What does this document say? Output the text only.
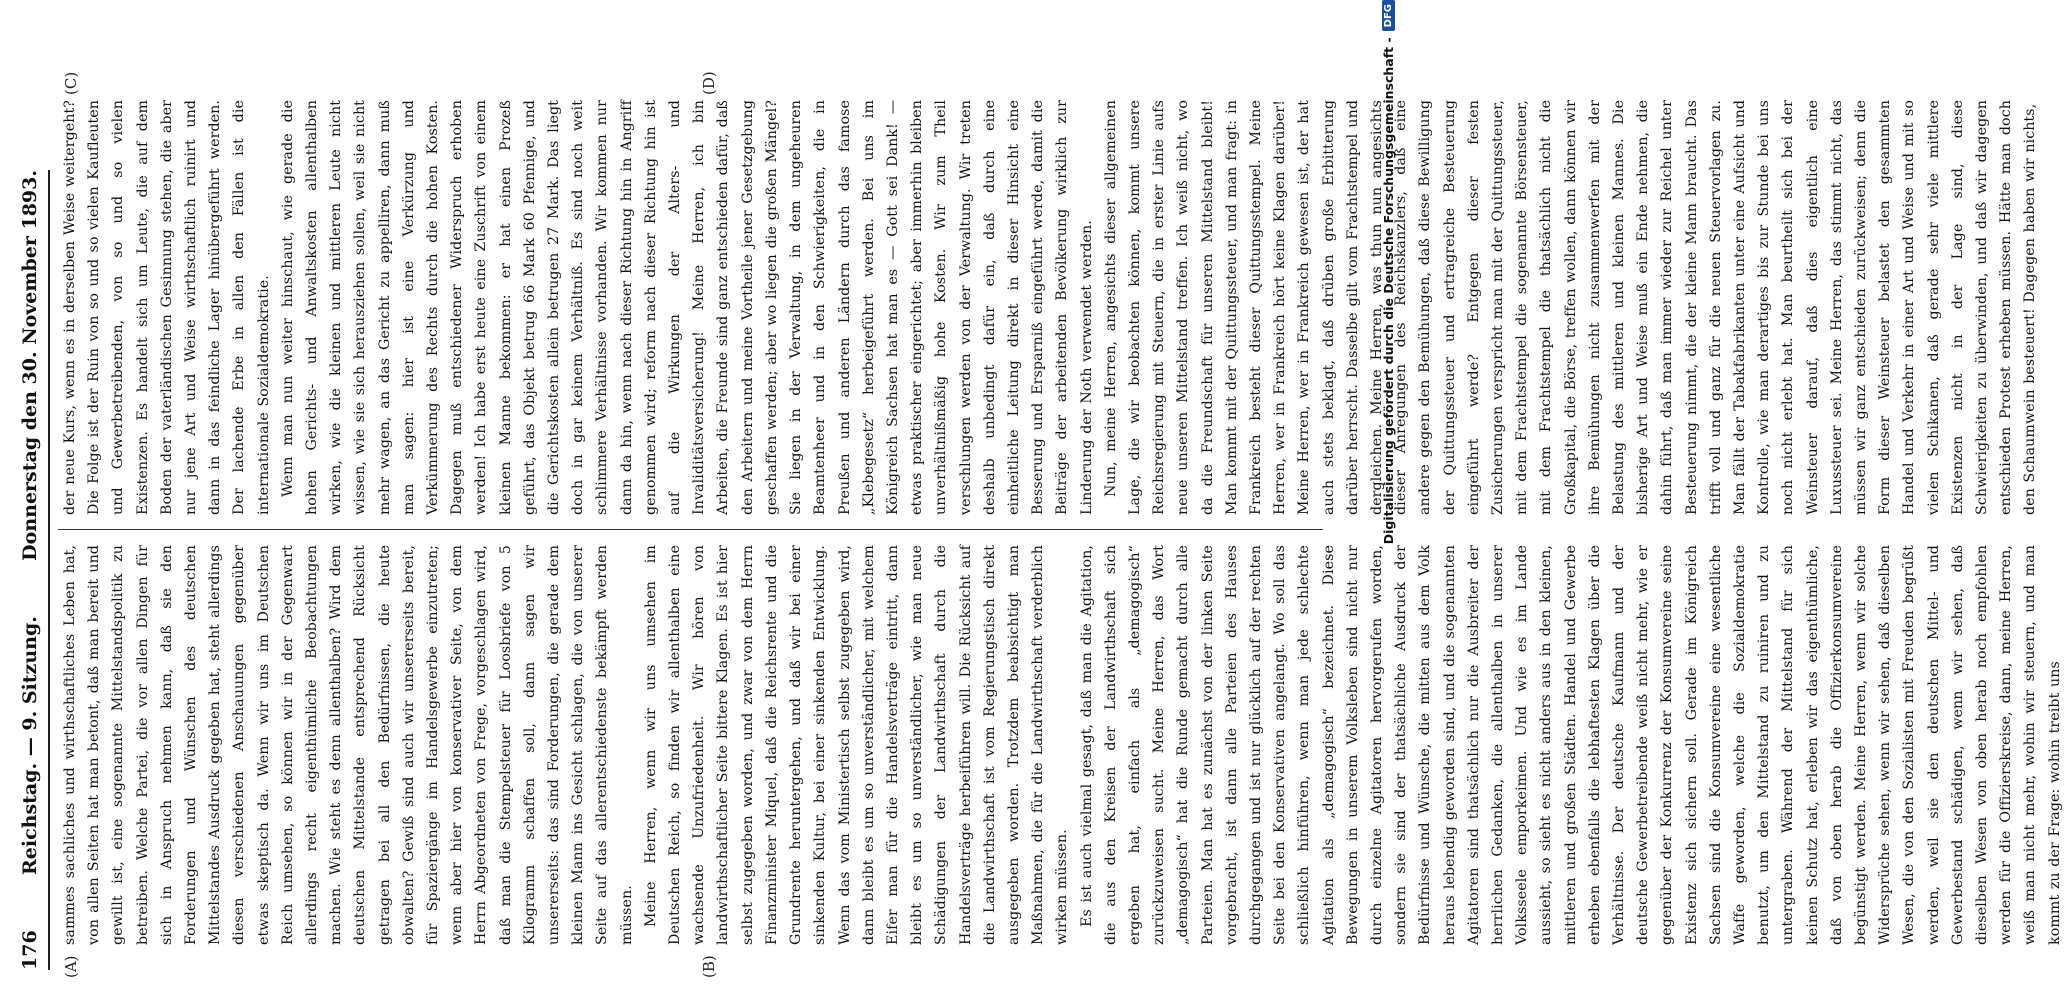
176
Reichstag. — 9. Sitzung.
Donnerstag den 30. November 1893.
(A)	(B)
(C)	(D)

sammes sachliches und wirthschaftliches Leben hat, von allen Seiten hat man betont, daß man bereit und gewillt ist, eine sogenannte Mittelstandspolitik zu betreiben. Welche Partei, die vor allen Dingen für sich in Anspruch nehmen kann, daß sie den Forderungen und Wünschen des deutschen Mittelstandes Ausdruck gegeben hat, steht allerdings diesen verschiedenen Anschauungen gegenüber etwas skeptisch da. Wenn wir uns im Deutschen Reich umsehen, so können wir in der Gegenwart allerdings recht eigenthümliche Beobachtungen machen. Wie steht es denn allenthalben? Wird dem deutschen Mittelstande entsprechend Rücksicht getragen bei all den Bedürfnissen, die heute obwalten? Gewiß sind auch wir unsererseits bereit, für Spaziergänge im Handelsgewerbe einzutreten; wenn aber hier von konservativer Seite, von dem Herrn Abgeordneten von Frege, vorgeschlagen wird, daß man die Stempelsteuer für Loosbriefe von 5 Kilogramm schaffen soll, dann sagen wir unsererseits: das sind Forderungen, die gerade dem kleinen Mann ins Gesicht schlagen, die von unserer Seite auf das allerentschiedenste bekämpft werden müssen. Meine Herren, wenn wir uns umsehen im Deutschen Reich, so finden wir allenthalben eine wachsende Unzufriedenheit. Wir hören von landwirthschaftlicher Seite bittere Klagen. Es ist hier selbst zugegeben worden, und zwar von dem Herrn Finanzminister Miquel, daß die Reichsrente und die Grundrente heruntergehen, und daß wir bei einer sinkenden Kultur, bei einer sinkenden Entwicklung. Wenn das vom Ministertisch selbst zugegeben wird, dann bleibt es um so unverständlicher, mit welchem Eifer man für die Handelsverträge eintritt, dann bleibt es um so unverständlicher, wie man neue Schädigungen der Landwirthschaft durch die Handelsverträge herbeiführen will. Die Rücksicht auf die Landwirthschaft ist vom Regierungstisch direkt ausgegeben worden. Trotzdem beabsichtigt man Maßnahmen, die für die Landwirthschaft verderblich wirken müssen. Es ist auch vielmal gesagt, daß man die Agitation, die aus den Kreisen der Landwirthschaft sich ergeben hat, einfach als „demagogisch“ zurückzuweisen sucht. Meine Herren, das Wort „demagogisch“ hat die Runde gemacht durch alle Parteien. Man hat es zunächst von der linken Seite vorgebracht, ist dann alle Parteien des Hauses durchgegangen und ist nur glücklich auf der rechten Seite bei den Konservativen angelangt. Wo soll das schließlich hinführen, wenn man jede schlechte Agitation als „demagogisch“ bezeichnet. Diese Bewegungen in unserem Volksleben sind nicht nur durch einzelne Agitatoren hervorgerufen worden, sondern sie sind der thatsächliche Ausdruck der Bedürfnisse und Wünsche, die mitten aus dem Volk heraus lebendig geworden sind, und die sogenannten Agitatoren sind thatsächlich nur die Ausbreiter der herrlichen Gedanken, die allenthalben in unserer Volksseele emporkeimen. Und wie es im Lande aussieht, so sieht es nicht anders aus in den kleinen, mittleren und großen Städten. Handel und Gewerbe erheben ebenfalls die lebhaftesten Klagen über die Verhältnisse. Der deutsche Kaufmann und der deutsche Gewerbetreibende weiß nicht mehr, wie er gegenüber der Konkurrenz der Konsumvereine seine Existenz sich sichern soll. Gerade im Königreich Sachsen sind die Konsumvereine eine wesentliche Waffe geworden, welche die Sozialdemokratie benutzt, um den Mittelstand zu ruiniren und zu untergraben. Während der Mittelstand für sich keinen Schutz hat, erleben wir das eigenthümliche, daß von oben herab die Offizierkonsumvereine begünstigt werden. Meine Herren, wenn wir solche Widersprüche sehen, wenn wir sehen, daß dieselben Wesen, die von den Sozialisten mit Freuden begrüßt werden, weil sie den deutschen Mittel- und Gewerbestand schädigen, wenn wir sehen, daß dieselben Wesen von oben herab noch empfohlen werden für die Offizierskreise, dann, meine Herren, weiß man nicht mehr, wohin wir steuern, und man kommt zu der Frage: wohin treibt uns

der neue Kurs, wenn es in derselben Weise weitergeht? Die Folge ist der Ruin von so und so vielen Kaufleuten und Gewerbetreibenden, von so und so vielen Existenzen. Es handelt sich um Leute, die auf dem Boden der vaterländischen Gesinnung stehen, die aber nur jene Art und Weise wirthschaftlich ruinirt und dann in das feindliche Lager hinübergeführt werden. Der lachende Erbe in allen den Fällen ist die internationale Sozialdemokratie. Wenn man nun weiter hinschaut, wie gerade die hohen Gerichts- und Anwaltskosten allenthalben wirken, wie die kleinen und mittleren Leute nicht wissen, wie sie sich herausziehen sollen, weil sie nicht mehr wagen, an das Gericht zu appelliren, dann muß man sagen: hier ist eine Verkürzung und Verkümmerung des Rechts durch die hohen Kosten. Dagegen muß entschiedener Widerspruch erhoben werden! Ich habe erst heute eine Zuschrift von einem kleinen Manne bekommen: er hat einen Prozeß geführt, das Objekt betrug 66 Mark 60 Pfennige, und die Gerichtskosten allein betrugen 27 Mark. Das liegt doch in gar keinem Verhältniß. Es sind noch weit schlimmere Verhältnisse vorhanden. Wir kommen nur dann da hin, wenn nach dieser Richtung hin in Angriff genommen wird; reform nach dieser Richtung hin ist auf die Wirkungen der Alters- und Invaliditätsversicherung! Meine Herren, ich bin Arbeiten, die Freunde sind ganz entschieden dafür, daß den Arbeitern und meine Vortheile jener Gesetzgebung geschaffen werden; aber wo liegen die großen Mängel? Sie liegen in der Verwaltung, in dem ungeheuren Beamtenheer und in den Schwierigkeiten, die in Preußen und anderen Ländern durch das famose „Klebegesetz“ herbeigeführt werden. Bei uns im Königreich Sachsen hat man es — Gott sei Dank! — etwas praktischer eingerichtet; aber immerhin bleiben unverhältnißmäßig hohe Kosten. Wir zum Theil verschlungen werden von der Verwaltung. Wir treten deshalb unbedingt dafür ein, daß durch eine einheitliche Leitung direkt in dieser Hinsicht eine Besserung und Ersparniß eingeführt werde, damit die Beiträge der arbeitenden Bevölkerung wirklich zur Linderung der Noth verwendet werden. Nun, meine Herren, angesichts dieser allgemeinen Lage, die wir beobachten können, kommt unsere Reichsregierung mit Steuern, die in erster Linie aufs neue unseren Mittelstand treffen. Ich weiß nicht, wo da die Freundschaft für unseren Mittelstand bleibt! Man kommt mit der Quittungssteuer, und man fragt: in Frankreich besteht dieser Quittungsstempel. Meine Herren, wer in Frankreich hört keine Klagen darüber! Meine Herren, wer in Frankreich gewesen ist, der hat auch stets beklagt, daß drüben große Erbitterung darüber herrscht. Dasselbe gilt vom Frachtstempel und dergleichen. Meine Herren, was thun nun angesichts dieser Anregungen des Reichskanzlers, daß eine andere gegen den Bemühungen, daß diese Bewilligung der Quittungssteuer und ertragreiche Besteuerung eingeführt werde? Entgegen dieser festen Zusicherungen verspricht man mit der Quittungssteuer, mit dem Frachtstempel die sogenannte Börsensteuer, mit dem Frachtstempel die thatsächlich nicht die Großkapital, die Börse, treffen wollen, dann können wir ihre Bemühungen nicht zusammenwerfen mit der Belastung des mittleren und kleinen Mannes. Die bisherige Art und Weise muß ein Ende nehmen, die dahin führt, daß man immer wieder zur Reichel unter Besteuerung nimmt, die der kleine Mann braucht. Das trifft voll und ganz für die neuen Steuervorlagen zu. Man fällt der Tabakfabrikanten unter eine Aufsicht und Kontrolle, wie man derartiges bis zur Stunde bei uns noch nicht erlebt hat. Man beurtheilt sich bei der Weinsteuer darauf, daß dies eigentlich eine Luxussteuer sei. Meine Herren, das stimmt nicht, das müssen wir ganz entschieden zurückweisen; denn die Form dieser Weinsteuer belastet den gesammten Handel und Verkehr in einer Art und Weise und mit so vielen Schikanen, daß gerade sehr viele mittlere Existenzen nicht in der Lage sind, diese Schwierigkeiten zu überwinden, und daß wir dagegen entschieden Protest erheben müssen. Hätte man doch den Schaumwein besteuert! Dagegen haben wir nichts,

Digitalisierung gefördert durch die Deutsche Forschungsgemeinschaft -
DFG
